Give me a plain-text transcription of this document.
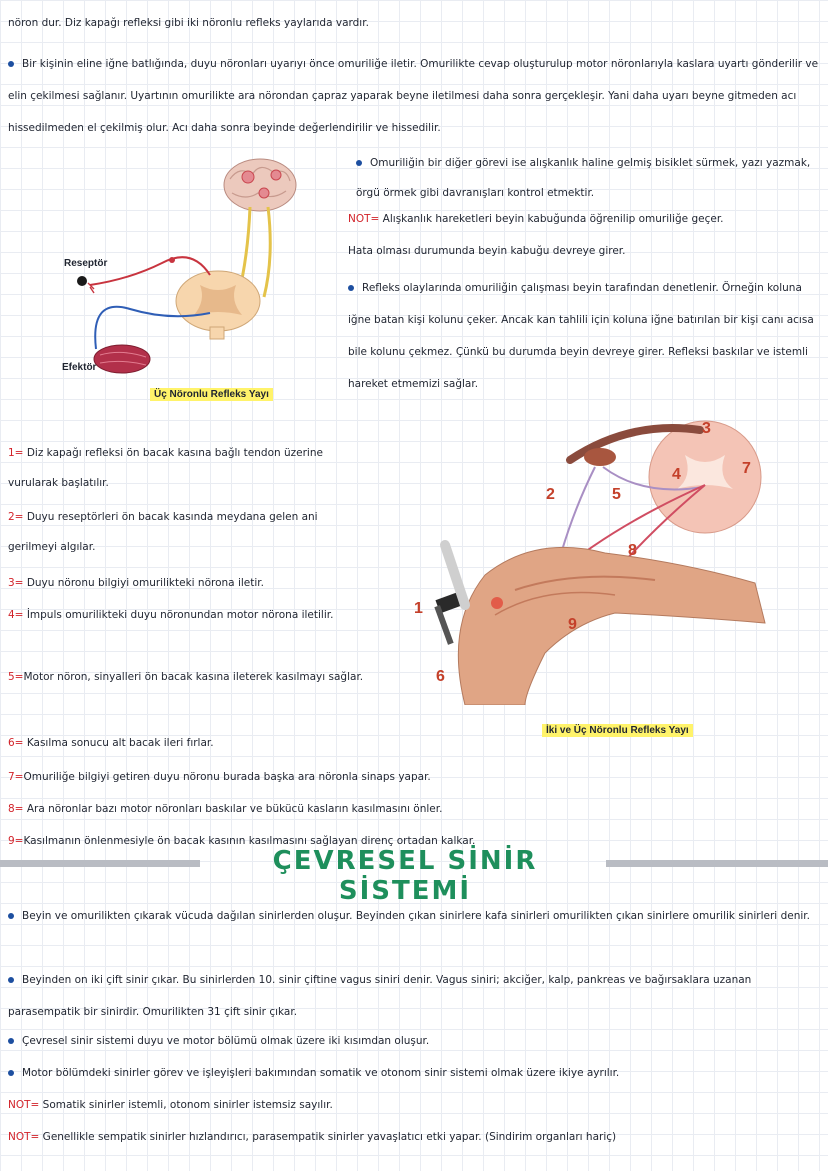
nöron dur. Diz kapağı refleksi gibi iki nöronlu refleks yaylarıda vardır.
Bir kişinin eline iğne batlığında, duyu nöronları uyarıyı önce omuriliğe iletir. Omurilikte cevap oluşturulup motor nöronlarıyla kaslara uyartı gönderilir ve elin çekilmesi sağlanır. Uyartının omurilikte ara nörondan çapraz yaparak beyne iletilmesi daha sonra gerçekleşir. Yani daha uyarı beyne gitmeden acı hissedilmeden el çekilmiş olur. Acı daha sonra beyinde değerlendirilir ve hissedilir.
Omuriliğin bir diğer görevi ise alışkanlık haline gelmiş bisiklet sürmek, yazı yazmak, örgü örmek gibi davranışları kontrol etmektir.
NOT= Alışkanlık hareketleri beyin kabuğunda öğrenilip omuriliğe geçer.
Hata olması durumunda beyin kabuğu devreye girer.
Refleks olaylarında omuriliğin çalışması beyin tarafından denetlenir. Örneğin koluna iğne batan kişi kolunu çeker. Ancak kan tahlili için koluna iğne batırılan bir kişi canı acısa bile kolunu çekmez. Çünkü bu durumda beyin devreye girer. Refleksi baskılar ve istemli hareket etmemizi sağlar.
Reseptör
Efektör
Üç Nöronlu Refleks Yayı
1= Diz kapağı refleksi ön bacak kasına bağlı tendon üzerine vurularak başlatılır.
2= Duyu reseptörleri ön bacak kasında meydana gelen ani gerilmeyi algılar.
3= Duyu nöronu bilgiyi omurilikteki nörona iletir.
4= İmpuls omurilikteki duyu nöronundan motor nörona iletilir.
5=Motor nöron, sinyalleri ön bacak kasına ileterek kasılmayı sağlar.
6= Kasılma sonucu alt bacak ileri fırlar.
7=Omuriliğe bilgiyi getiren duyu nöronu burada başka ara nöronla sinaps yapar.
8= Ara nöronlar bazı motor nöronları baskılar ve bükücü kasların kasılmasını önler.
9=Kasılmanın önlenmesiyle ön bacak kasının kasılmasını sağlayan direnç ortadan kalkar.
1
2
3
4
5
6
7
8
9
İki ve Üç Nöronlu Refleks Yayı
ÇEVRESEL SİNİR SİSTEMİ
Beyin ve omurilikten çıkarak vücuda dağılan sinirlerden oluşur. Beyinden çıkan sinirlere kafa sinirleri omurilikten çıkan sinirlere omurilik sinirleri denir.
Beyinden on iki çift sinir çıkar. Bu sinirlerden 10. sinir çiftine vagus siniri denir. Vagus siniri; akciğer, kalp, pankreas ve bağırsaklara uzanan parasempatik bir sinirdir. Omurilikten 31 çift sinir çıkar.
Çevresel sinir sistemi duyu ve motor bölümü olmak üzere iki kısımdan oluşur.
Motor bölümdeki sinirler görev ve işleyişleri bakımından somatik ve otonom sinir sistemi olmak üzere ikiye ayrılır.
NOT= Somatik sinirler istemli, otonom sinirler istemsiz sayılır.
NOT= Genellikle sempatik sinirler hızlandırıcı, parasempatik sinirler yavaşlatıcı etki yapar. (Sindirim organları hariç)
